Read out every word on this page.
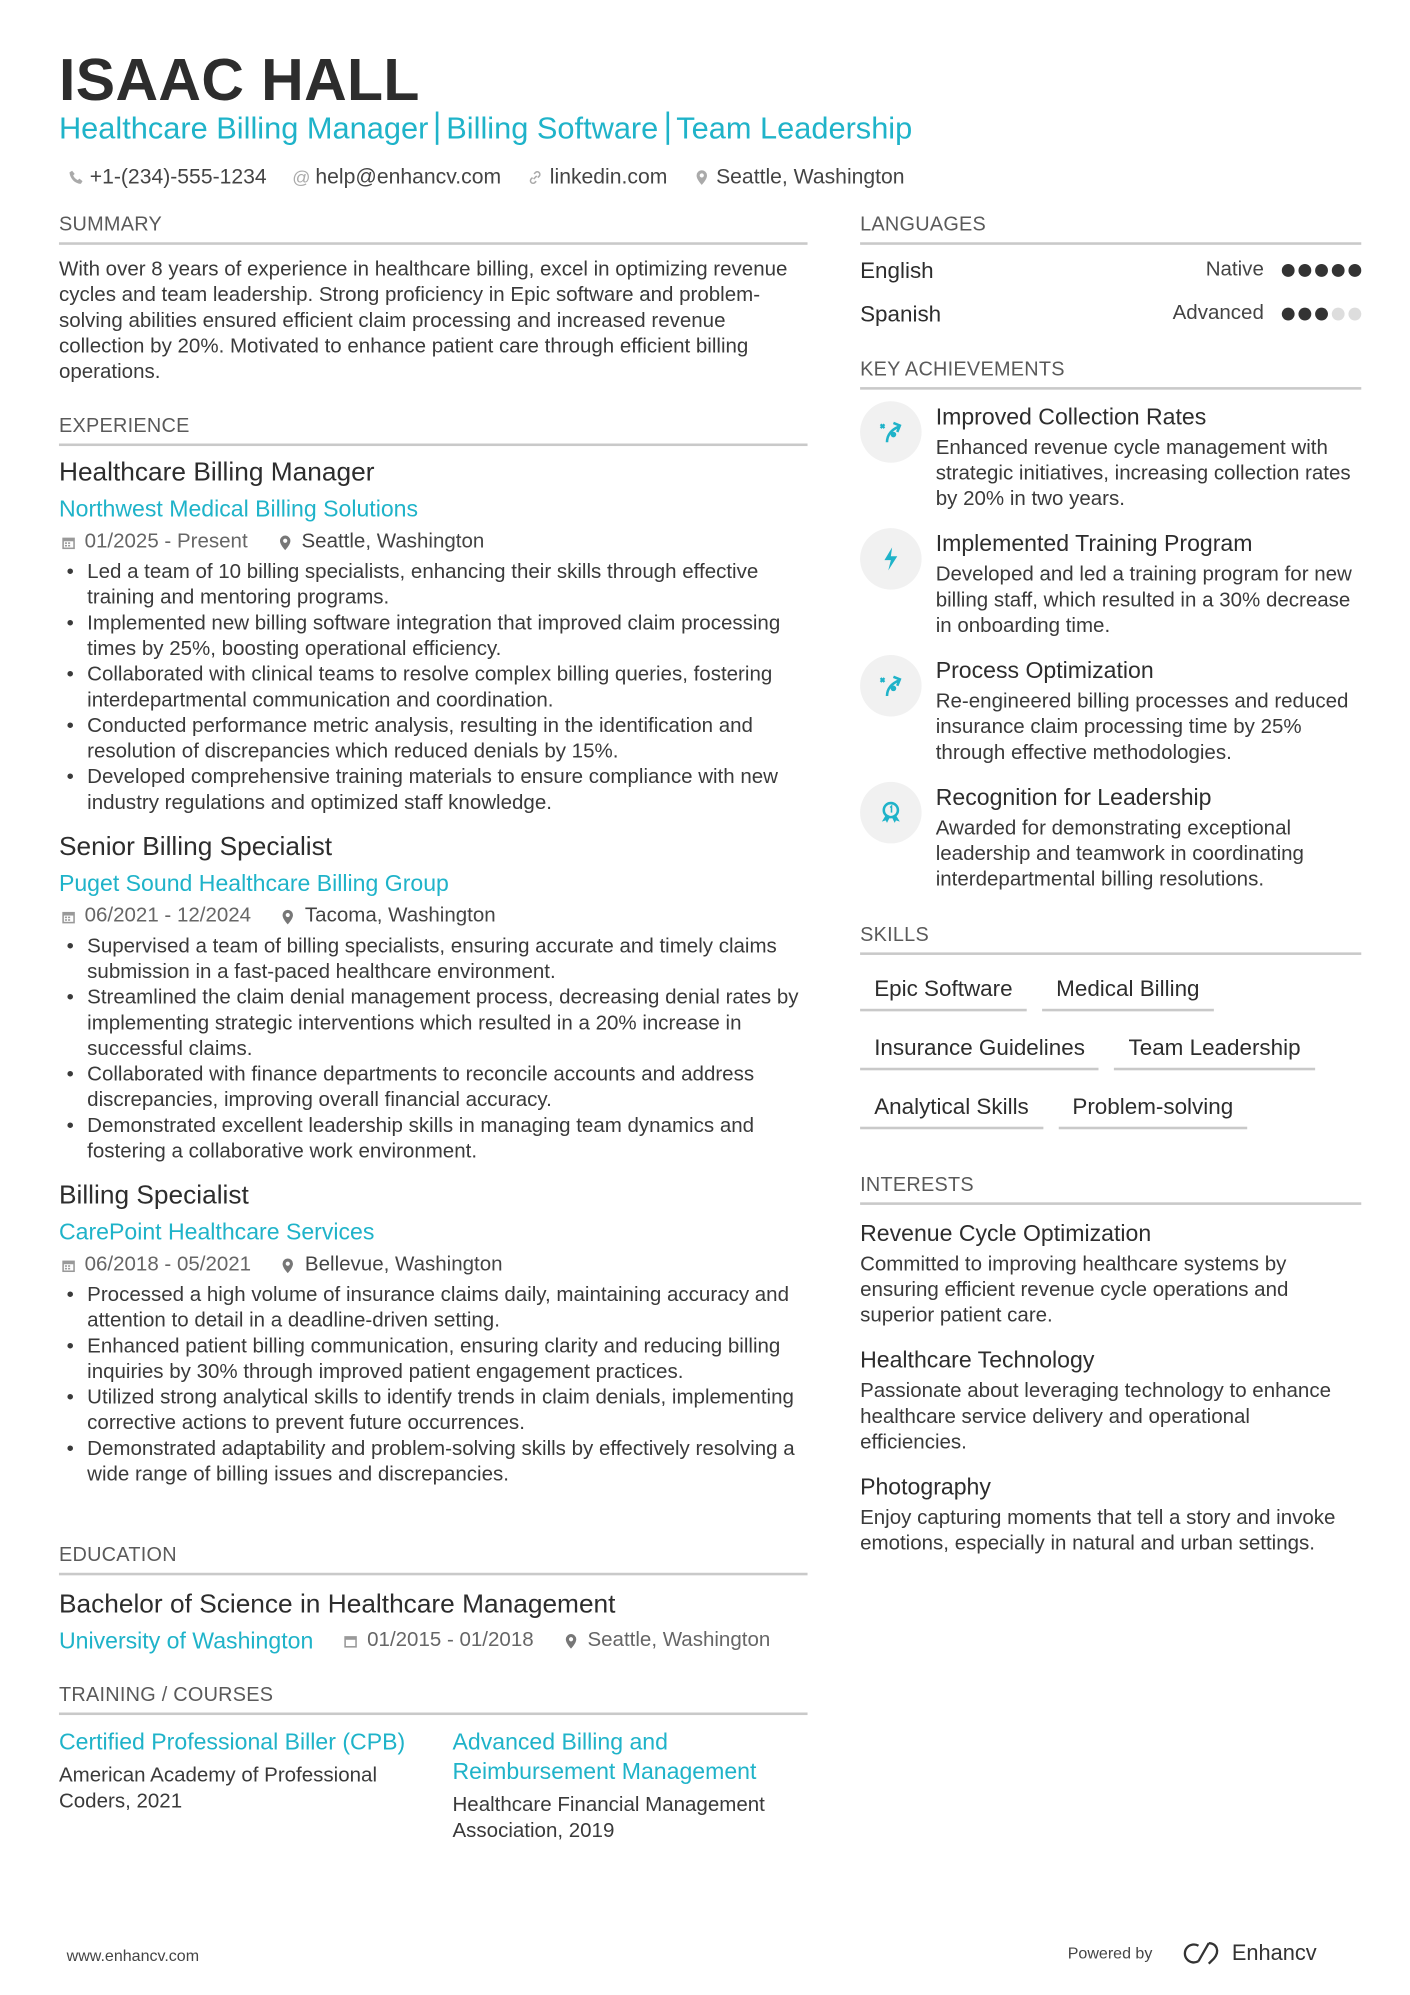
ISAAC HALL
Healthcare Billing Manager Billing Software Team Leadership
+1-(234)-555-1234 @ help@enhancv.com	linkedin.com	Seattle, Washington
SUMMARY
With over 8 years of experience in healthcare billing, excel in optimizing revenue cycles and team leadership. Strong proficiency in Epic software and problem-solving abilities ensured efficient claim processing and increased revenue collection by 20%. Motivated to enhance patient care through efficient billing operations.
EXPERIENCE
Healthcare Billing Manager
Northwest Medical Billing Solutions
01/2025 - Present	Seattle, Washington
• Led a team of 10 billing specialists, enhancing their skills through effective training and mentoring programs.
• Implemented new billing software integration that improved claim processing times by 25%, boosting operational efficiency.
• Collaborated with clinical teams to resolve complex billing queries, fostering interdepartmental communication and coordination.
• Conducted performance metric analysis, resulting in the identification and resolution of discrepancies which reduced denials by 15%.
• Developed comprehensive training materials to ensure compliance with new industry regulations and optimized staff knowledge.
Senior Billing Specialist
Puget Sound Healthcare Billing Group
06/2021 - 12/2024	Tacoma, Washington
• Supervised a team of billing specialists, ensuring accurate and timely claims submission in a fast-paced healthcare environment.
• Streamlined the claim denial management process, decreasing denial rates by implementing strategic interventions which resulted in a 20% increase in successful claims.
• Collaborated with finance departments to reconcile accounts and address discrepancies, improving overall financial accuracy.
• Demonstrated excellent leadership skills in managing team dynamics and fostering a collaborative work environment.
Billing Specialist
CarePoint Healthcare Services
06/2018 - 05/2021	Bellevue, Washington
• Processed a high volume of insurance claims daily, maintaining accuracy and attention to detail in a deadline-driven setting.
• Enhanced patient billing communication, ensuring clarity and reducing billing inquiries by 30% through improved patient engagement practices.
• Utilized strong analytical skills to identify trends in claim denials, implementing corrective actions to prevent future occurrences.
• Demonstrated adaptability and problem-solving skills by effectively resolving a wide range of billing issues and discrepancies.
EDUCATION
Bachelor of Science in Healthcare Management
University of Washington	01/2015 - 01/2018	Seattle, Washington
TRAINING / COURSES
Certified Professional Biller (CPB)
American Academy of Professional Coders, 2021
Advanced Billing and Reimbursement Management
Healthcare Financial Management Association, 2019
LANGUAGES
English	Native
Spanish	Advanced
KEY ACHIEVEMENTS
Improved Collection Rates
Enhanced revenue cycle management with strategic initiatives, increasing collection rates by 20% in two years.
Implemented Training Program
Developed and led a training program for new billing staff, which resulted in a 30% decrease in onboarding time.
Process Optimization
Re-engineered billing processes and reduced insurance claim processing time by 25% through effective methodologies.
Recognition for Leadership
Awarded for demonstrating exceptional leadership and teamwork in coordinating interdepartmental billing resolutions.
SKILLS
Epic Software	Medical Billing
Insurance Guidelines	Team Leadership
Analytical Skills	Problem-solving
INTERESTS
Revenue Cycle Optimization
Committed to improving healthcare systems by ensuring efficient revenue cycle operations and superior patient care.
Healthcare Technology
Passionate about leveraging technology to enhance healthcare service delivery and operational efficiencies.
Photography
Enjoy capturing moments that tell a story and invoke emotions, especially in natural and urban settings.
www.enhancv.com	Powered by	Enhancv
